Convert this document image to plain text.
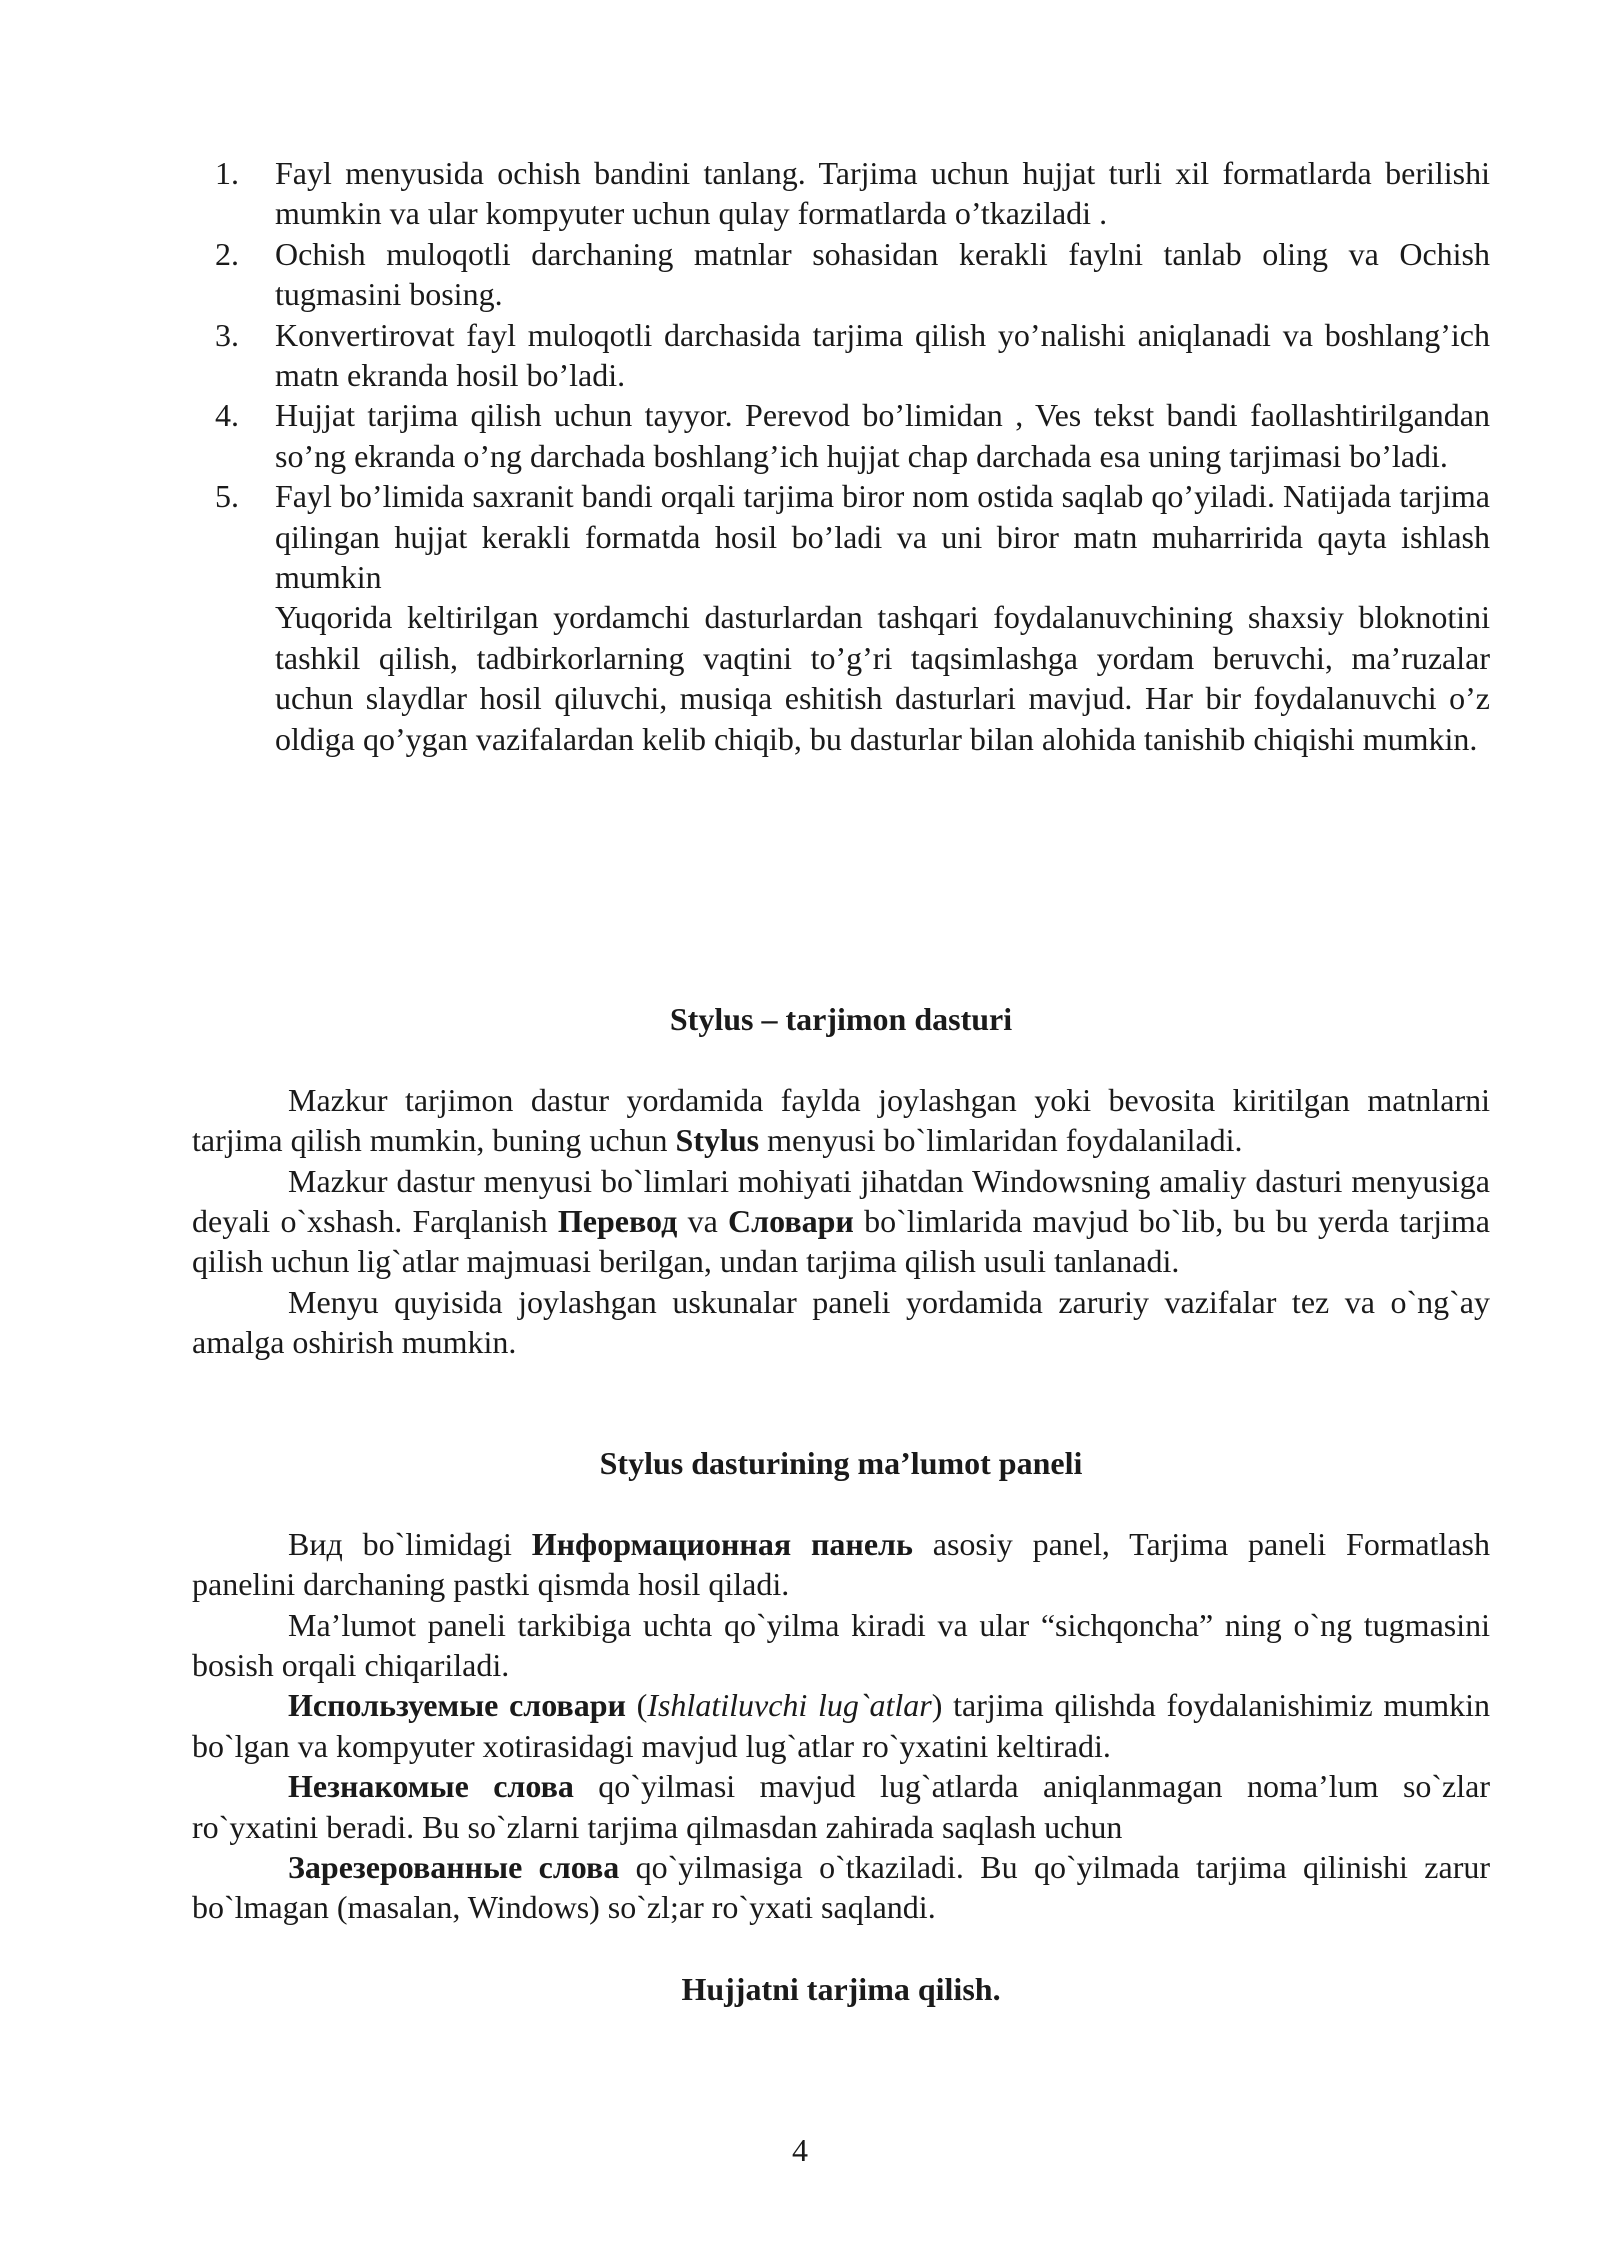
1. Fayl menyusida ochish bandini tanlang. Tarjima uchun hujjat turli xil formatlarda berilishi mumkin va ular kompyuter uchun qulay formatlarda o’tkaziladi .
2. Ochish muloqotli darchaning matnlar sohasidan kerakli faylni tanlab oling va Ochish tugmasini bosing.
3. Konvertirovat fayl muloqotli darchasida tarjima qilish yo’nalishi aniqlanadi va boshlang’ich matn ekranda hosil bo’ladi.
4. Hujjat tarjima qilish uchun tayyor. Perevod bo’limidan , Ves tekst bandi faollashtirilgandan so’ng ekranda o’ng darchada boshlang’ich hujjat chap darchada esa uning tarjimasi bo’ladi.
5. Fayl bo’limida saxranit bandi orqali tarjima biror nom ostida saqlab qo’yiladi. Natijada tarjima qilingan hujjat kerakli formatda hosil bo’ladi va uni biror matn muharririda qayta ishlash mumkin

Yuqorida keltirilgan yordamchi dasturlardan tashqari foydalanuvchining shaxsiy bloknotini tashkil qilish, tadbirkorlarning vaqtini to’g’ri taqsimlashga yordam beruvchi, ma’ruzalar uchun slaydlar hosil qiluvchi, musiqa eshitish dasturlari mavjud. Har bir foydalanuvchi o’z oldiga qo’ygan vazifalardan kelib chiqib, bu dasturlar bilan alohida tanishib chiqishi mumkin.

Stylus – tarjimon dasturi

Mazkur tarjimon dastur yordamida faylda joylashgan yoki bevosita kiritilgan matnlarni tarjima qilish mumkin, buning uchun Stylus menyusi bo`limlaridan foydalaniladi.

Mazkur dastur menyusi bo`limlari mohiyati jihatdan Windowsning amaliy dasturi menyusiga deyali o`xshash. Farqlanish Перевод va Словари bo`limlarida mavjud bo`lib, bu bu yerda tarjima qilish uchun lig`atlar majmuasi berilgan, undan tarjima qilish usuli tanlanadi.

Menyu quyisida joylashgan uskunalar paneli yordamida zaruriy vazifalar tez va o`ng`ay amalga oshirish mumkin.

Stylus dasturining ma’lumot paneli

Вид bo`limidagi Информационная панель asosiy panel, Tarjima paneli Formatlash panelini darchaning pastki qismda hosil qiladi.

Ma’lumot paneli tarkibiga uchta qo`yilma kiradi va ular “sichqoncha” ning o`ng tugmasini bosish orqali chiqariladi.

Используемые словари (Ishlatiluvchi lug`atlar) tarjima qilishda foydalanishimiz mumkin bo`lgan va kompyuter xotirasidagi mavjud lug`atlar ro`yxatini keltiradi.

Незнакомые слова qo`yilmasi mavjud lug`atlarda aniqlanmagan noma’lum so`zlar ro`yxatini beradi. Bu so`zlarni tarjima qilmasdan zahirada saqlash uchun

Зарезерованные слова qo`yilmasiga o`tkaziladi. Bu qo`yilmada tarjima qilinishi zarur bo`lmagan (masalan, Windows) so`zl;ar ro`yxati saqlandi.

Hujjatni tarjima qilish.

4
